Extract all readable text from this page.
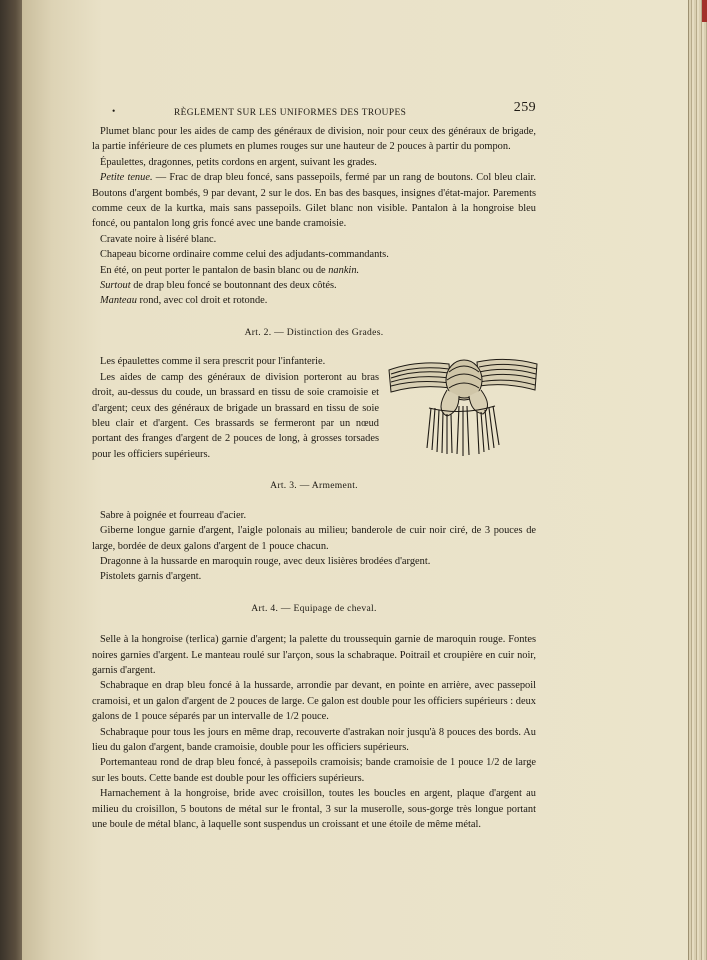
•	RÈGLEMENT SUR LES UNIFORMES DES TROUPES	259

Plumet blanc pour les aides de camp des généraux de division, noir pour ceux des généraux de brigade, la partie inférieure de ces plumets en plumes rouges sur une hauteur de 2 pouces à partir du pompon.

Épaulettes, dragonnes, petits cordons en argent, suivant les grades.

Petite tenue. — Frac de drap bleu foncé, sans passepoils, fermé par un rang de boutons. Col bleu clair. Boutons d'argent bombés, 9 par devant, 2 sur le dos. En bas des basques, insignes d'état-major. Parements comme ceux de la kurtka, mais sans passepoils. Gilet blanc non visible. Pantalon à la hongroise bleu foncé, ou pantalon long gris foncé avec une bande cramoisie.

Cravate noire à liséré blanc.

Chapeau bicorne ordinaire comme celui des adjudants-commandants.

En été, on peut porter le pantalon de basin blanc ou de nankin.

Surtout de drap bleu foncé se boutonnant des deux côtés.

Manteau rond, avec col droit et rotonde.

Art. 2. — Distinction des Grades.

Les épaulettes comme il sera prescrit pour l'infanterie.

Les aides de camp des généraux de division porteront au bras droit, au-dessus du coude, un brassard en tissu de soie cramoisie et d'argent; ceux des généraux de brigade un brassard en tissu de soie bleu clair et d'argent. Ces brassards se fermeront par un nœud portant des franges d'argent de 2 pouces de long, à grosses torsades pour les officiers supérieurs.

Art. 3. — Armement.

Sabre à poignée et fourreau d'acier.

Giberne longue garnie d'argent, l'aigle polonais au milieu; banderole de cuir noir ciré, de 3 pouces de large, bordée de deux galons d'argent de 1 pouce chacun.

Dragonne à la hussarde en maroquin rouge, avec deux lisières brodées d'argent.

Pistolets garnis d'argent.

Art. 4. — Equipage de cheval.

Selle à la hongroise (terlica) garnie d'argent; la palette du troussequin garnie de maroquin rouge. Fontes noires garnies d'argent. Le manteau roulé sur l'arçon, sous la schabraque. Poitrail et croupière en cuir noir, garnis d'argent.

Schabraque en drap bleu foncé à la hussarde, arrondie par devant, en pointe en arrière, avec passepoil cramoisi, et un galon d'argent de 2 pouces de large. Ce galon est double pour les officiers supérieurs : deux galons de 1 pouce séparés par un intervalle de 1/2 pouce.

Schabraque pour tous les jours en même drap, recouverte d'astrakan noir jusqu'à 8 pouces des bords. Au lieu du galon d'argent, bande cramoisie, double pour les officiers supérieurs.

Portemanteau rond de drap bleu foncé, à passepoils cramoisis; bande cramoisie de 1 pouce 1/2 de large sur les bouts. Cette bande est double pour les officiers supérieurs.

Harnachement à la hongroise, bride avec croisillon, toutes les boucles en argent, plaque d'argent au milieu du croisillon, 5 boutons de métal sur le frontal, 3 sur la muserolle, sous-gorge très longue portant une boule de métal blanc, à laquelle sont suspendus un croissant et une étoile de même métal.
